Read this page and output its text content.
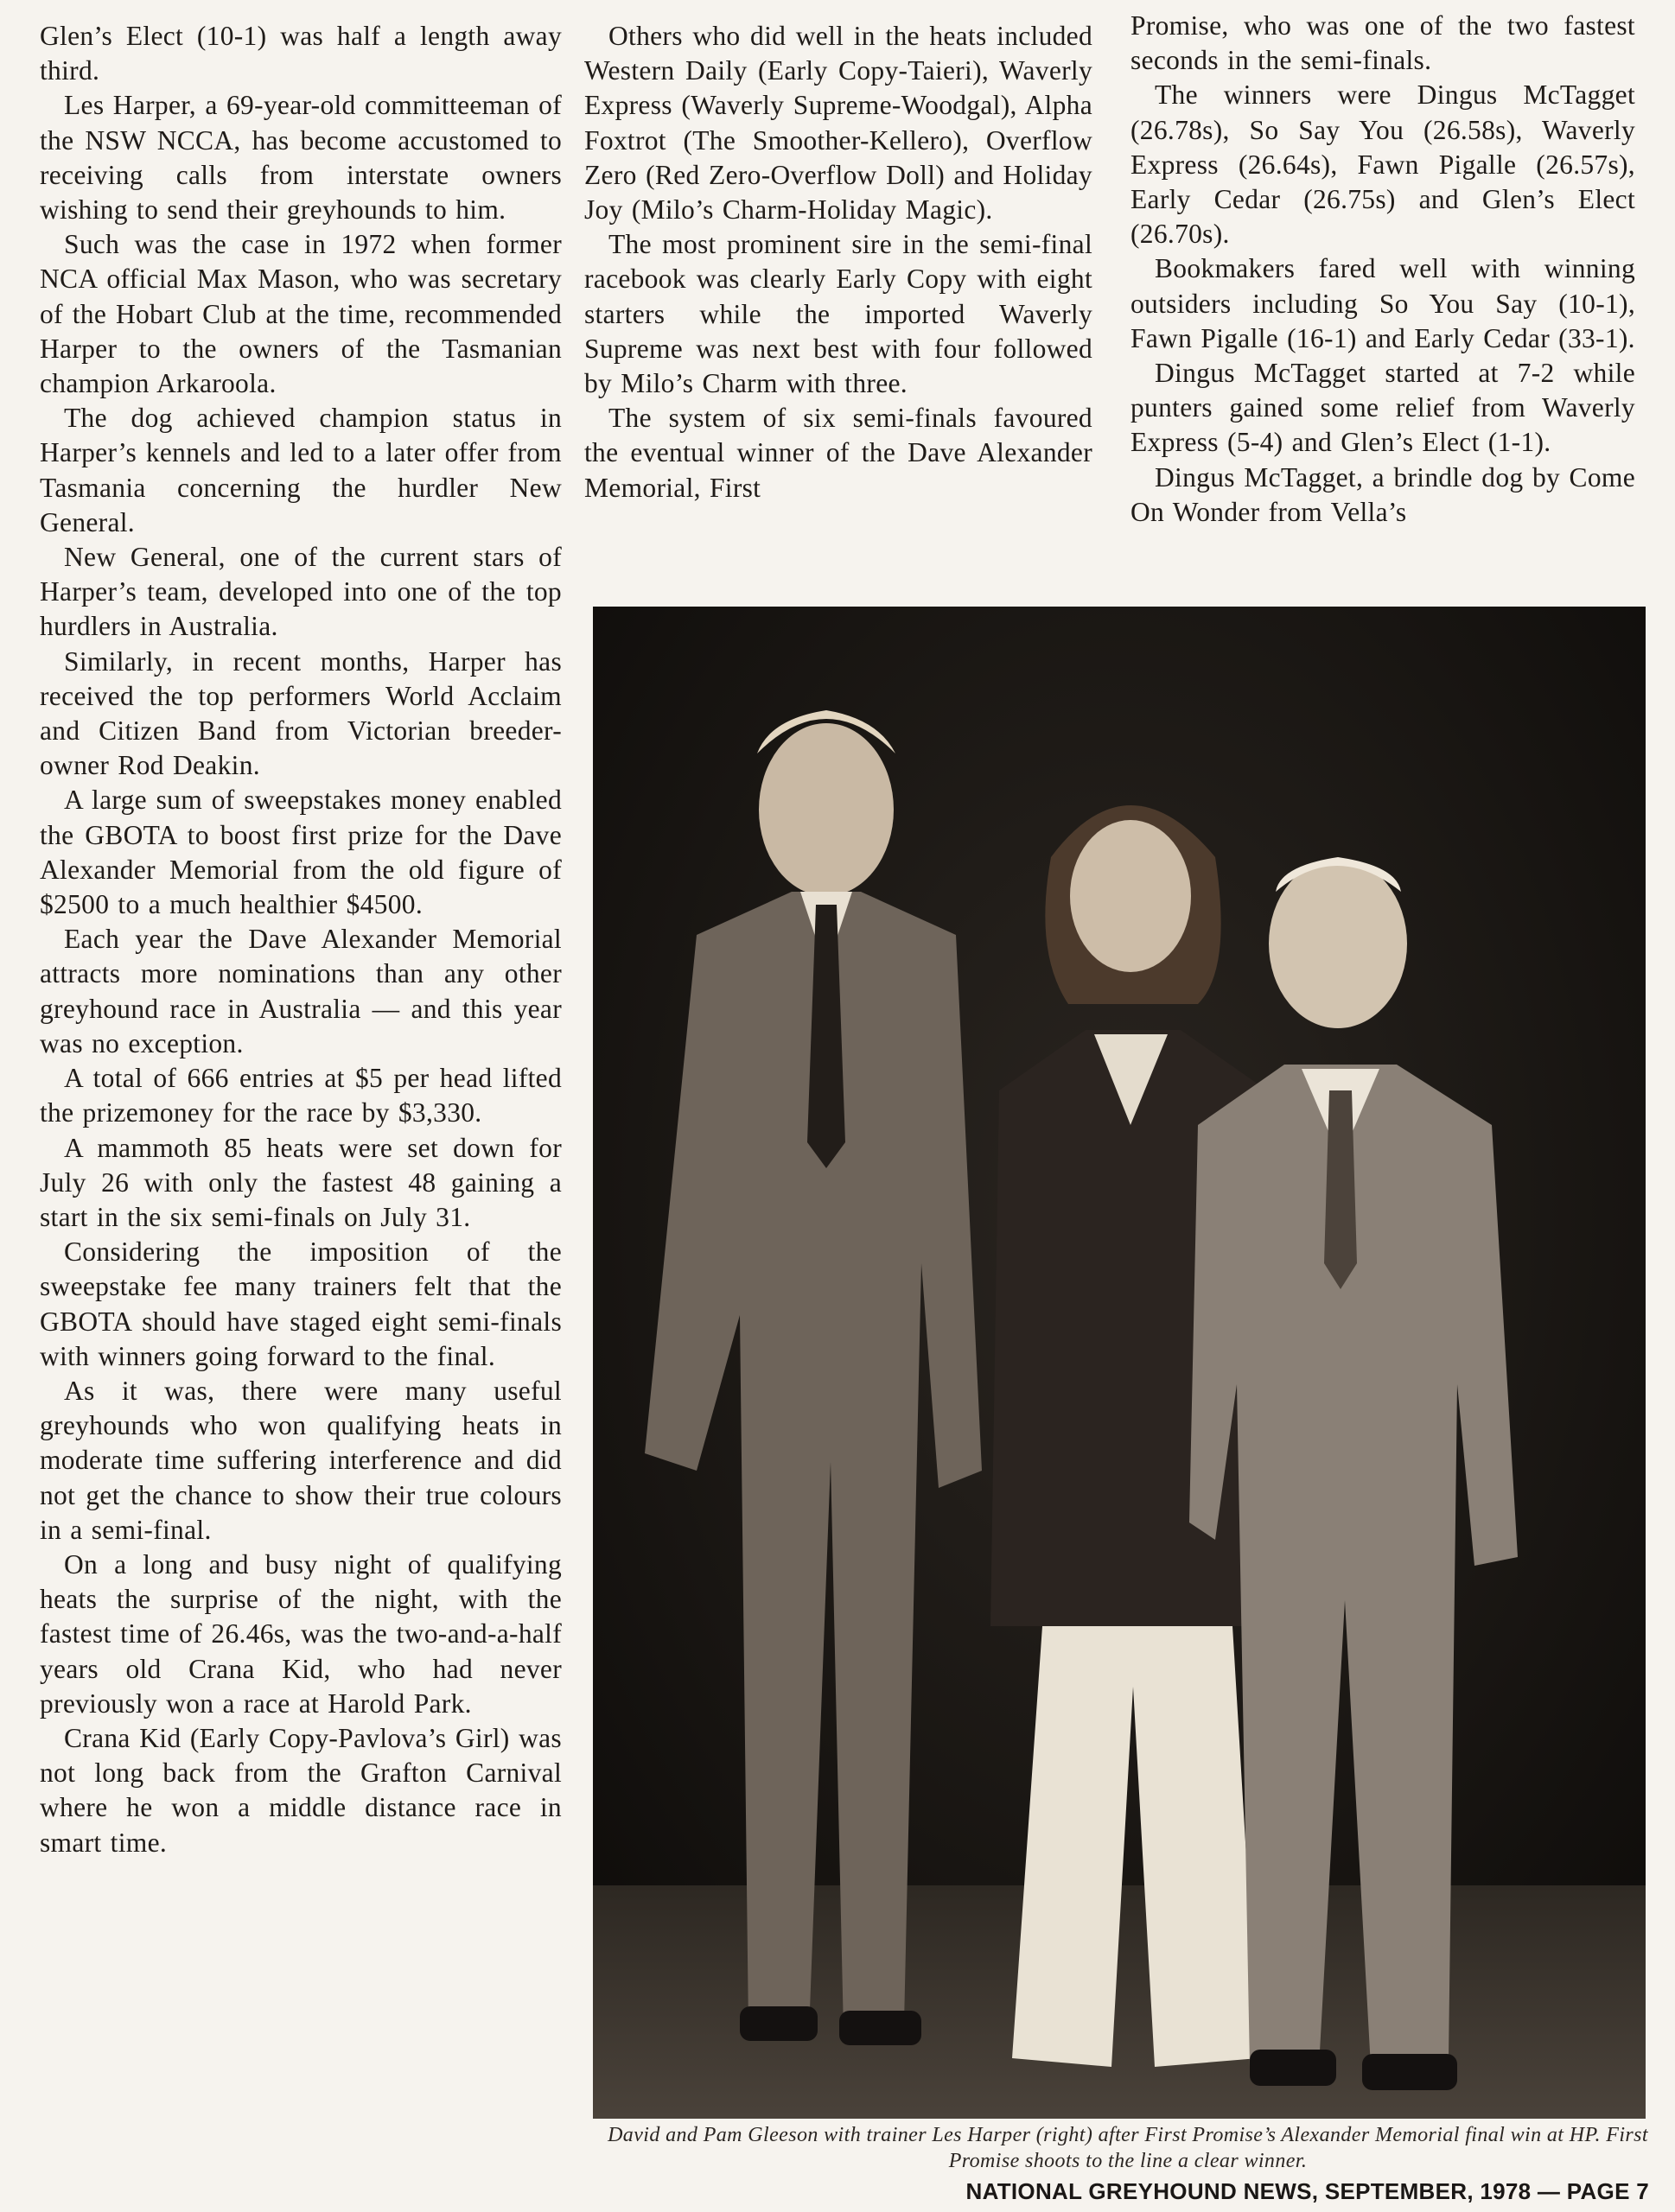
Glen’s Elect (10-1) was half a length away third.

Les Harper, a 69-year-old committeeman of the NSW NCCA, has become accustomed to receiving calls from interstate owners wishing to send their greyhounds to him.

Such was the case in 1972 when former NCA official Max Mason, who was secretary of the Hobart Club at the time, recommended Harper to the owners of the Tasmanian champion Arkaroola.

The dog achieved champion status in Harper’s kennels and led to a later offer from Tasmania concerning the hurdler New General.

New General, one of the current stars of Harper’s team, developed into one of the top hurdlers in Australia.

Similarly, in recent months, Harper has received the top performers World Acclaim and Citizen Band from Victorian breeder-owner Rod Deakin.

A large sum of sweepstakes money enabled the GBOTA to boost first prize for the Dave Alexander Memorial from the old figure of $2500 to a much healthier $4500.

Each year the Dave Alexander Memorial attracts more nominations than any other greyhound race in Australia — and this year was no exception.

A total of 666 entries at $5 per head lifted the prizemoney for the race by $3,330.

A mammoth 85 heats were set down for July 26 with only the fastest 48 gaining a start in the six semi-finals on July 31.

Considering the imposition of the sweepstake fee many trainers felt that the GBOTA should have staged eight semi-finals with winners going forward to the final.

As it was, there were many useful greyhounds who won qualifying heats in moderate time suffering interference and did not get the chance to show their true colours in a semi-final.

On a long and busy night of qualifying heats the surprise of the night, with the fastest time of 26.46s, was the two-and-a-half years old Crana Kid, who had never previously won a race at Harold Park.

Crana Kid (Early Copy-Pavlova’s Girl) was not long back from the Grafton Carnival where he won a middle distance race in smart time.

Others who did well in the heats included Western Daily (Early Copy-Taieri), Waverly Express (Waverly Supreme-Woodgal), Alpha Foxtrot (The Smoother-Kellero), Overflow Zero (Red Zero-Overflow Doll) and Holiday Joy (Milo’s Charm-Holiday Magic).

The most prominent sire in the semi-final racebook was clearly Early Copy with eight starters while the imported Waverly Supreme was next best with four followed by Milo’s Charm with three.

The system of six semi-finals favoured the eventual winner of the Dave Alexander Memorial, First

Promise, who was one of the two fastest seconds in the semi-finals.

The winners were Dingus McTagget (26.78s), So Say You (26.58s), Waverly Express (26.64s), Fawn Pigalle (26.57s), Early Cedar (26.75s) and Glen’s Elect (26.70s).

Bookmakers fared well with winning outsiders including So You Say (10-1), Fawn Pigalle (16-1) and Early Cedar (33-1).

Dingus McTagget started at 7-2 while punters gained some relief from Waverly Express (5-4) and Glen’s Elect (1-1).

Dingus McTagget, a brindle dog by Come On Wonder from Vella’s

David and Pam Gleeson with trainer Les Harper (right) after First Promise’s Alexander Memorial final win at HP. First Promise shoots to the line a clear winner.
NATIONAL GREYHOUND NEWS, SEPTEMBER, 1978 — PAGE 7
